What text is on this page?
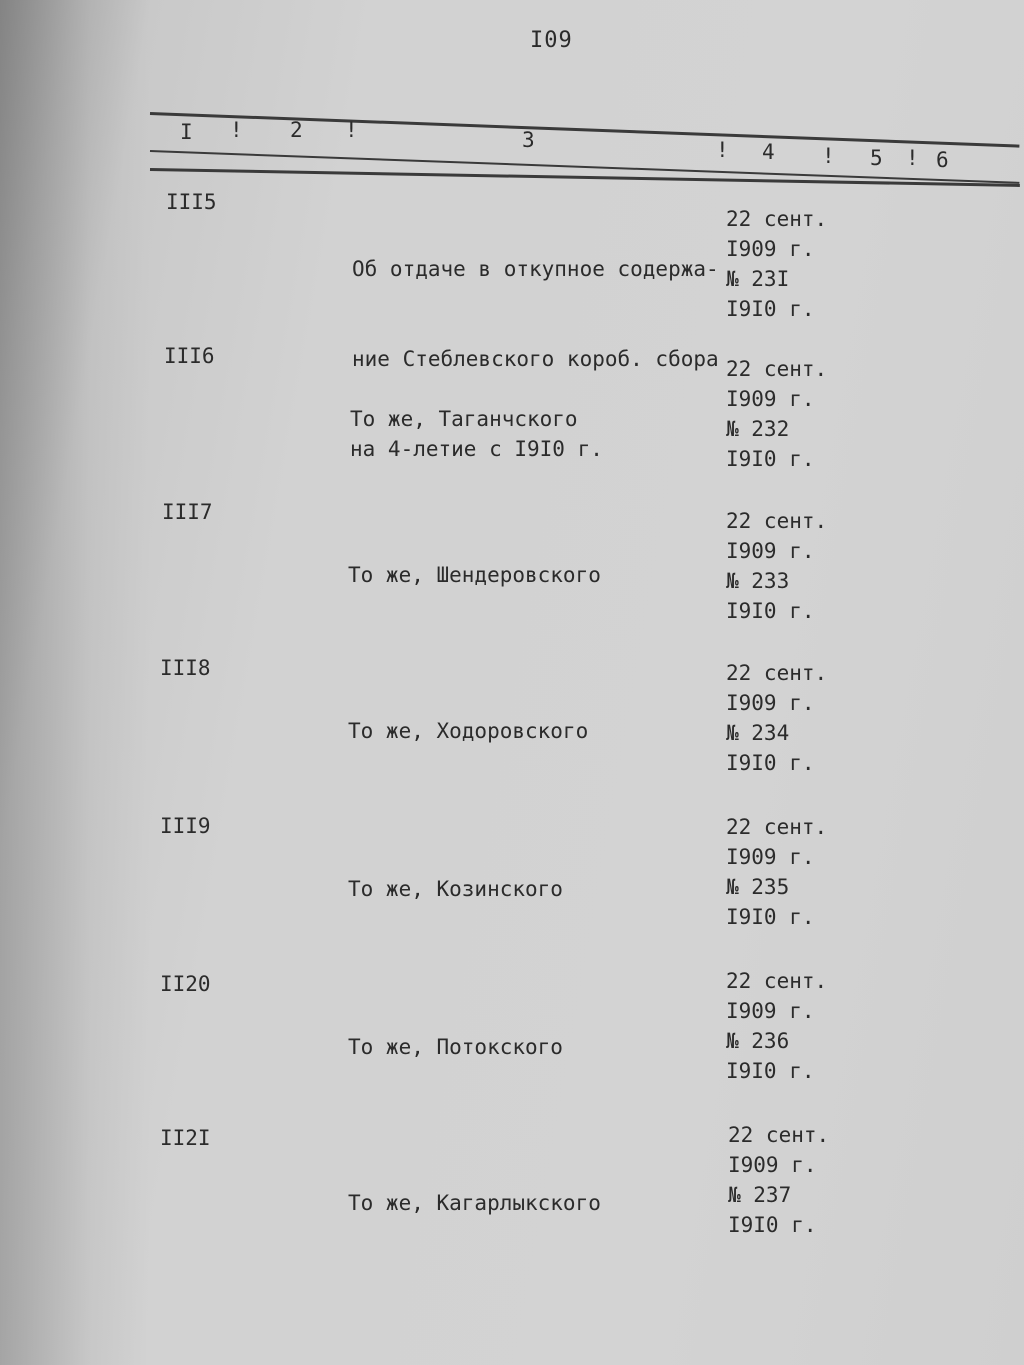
I09
I ! 2 !	3	! 4 ! 5 ! 6
III5

Об отдаче в откупное содержа-

ние Стеблевского короб. сбора

на 4-летие с I9I0 г.

22 сент.
I909 г.
№ 23I
I9I0 г.
III6

То же, Таганчского

22 сент.
I909 г.
№ 232
I9I0 г.
III7

То же, Шендеровского

22 сент.
I909 г.
№ 233
I9I0 г.
III8

То же, Ходоровского

22 сент.
I909 г.
№ 234
I9I0 г.
III9

То же, Козинского

22 сент.
I909 г.
№ 235
I9I0 г.
II20

То же, Потокского

22 сент.
I909 г.
№ 236
I9I0 г.
II2I

То же, Кагарлыкского

22 сент.
I909 г.
№ 237
I9I0 г.
